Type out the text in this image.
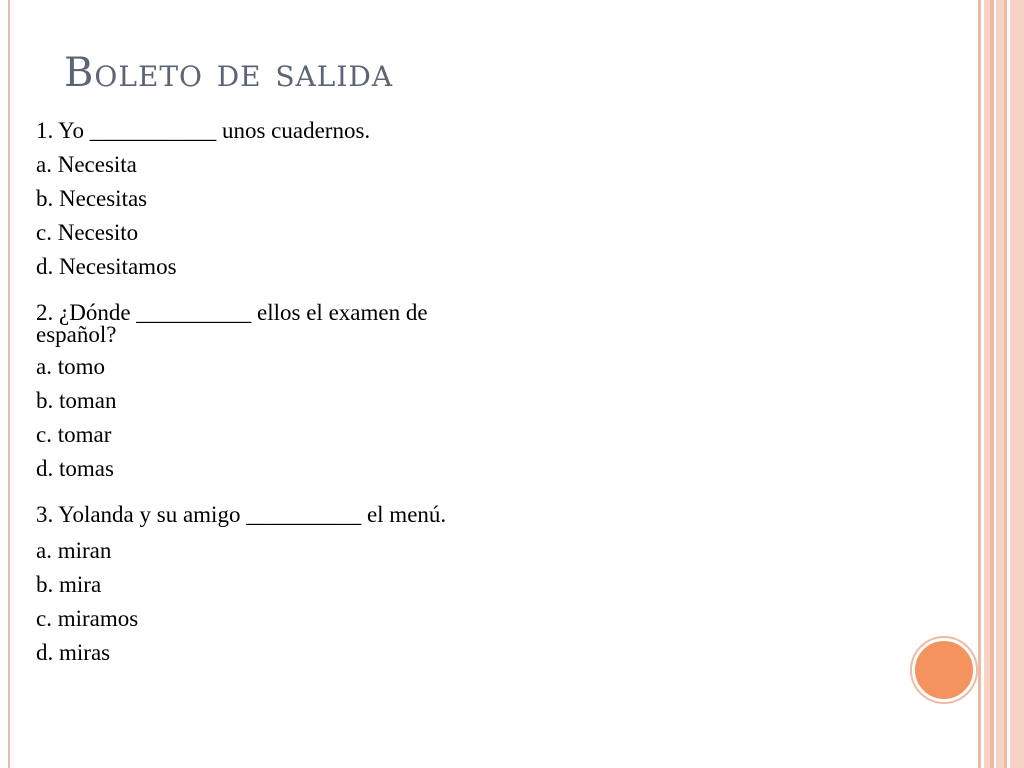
Boleto de salida

1. Yo ___________ unos cuadernos.

a. Necesita

b. Necesitas

c. Necesito

d. Necesitamos

2. ¿Dónde __________ ellos el examen de español?

a. tomo

b. toman

c. tomar

d. tomas

3. Yolanda y su amigo __________ el menú.

a. miran

b. mira

c. miramos

d. miras
